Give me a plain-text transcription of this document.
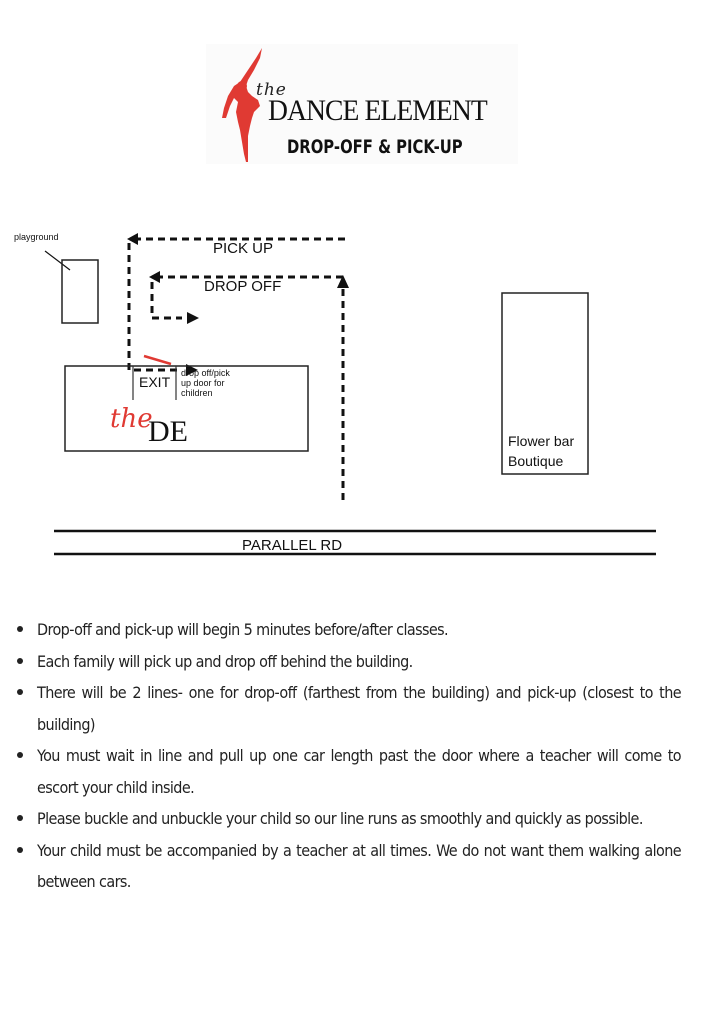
the
DANCE ELEMENT
DROP-OFF & PICK-UP
playground
PICK UP
DROP OFF
EXIT
drop off/pick up door for children
the
DE	Flower bar Boutique
PARALLEL RD
Drop-off and pick-up will begin 5 minutes before/after classes.
Each family will pick up and drop off behind the building.
There will be 2 lines- one for drop-off (farthest from the building) and pick-up (closest to the building)
You must wait in line and pull up one car length past the door where a teacher will come to escort your child inside.
Please buckle and unbuckle your child so our line runs as smoothly and quickly as possible.
Your child must be accompanied by a teacher at all times. We do not want them walking alone between cars.
